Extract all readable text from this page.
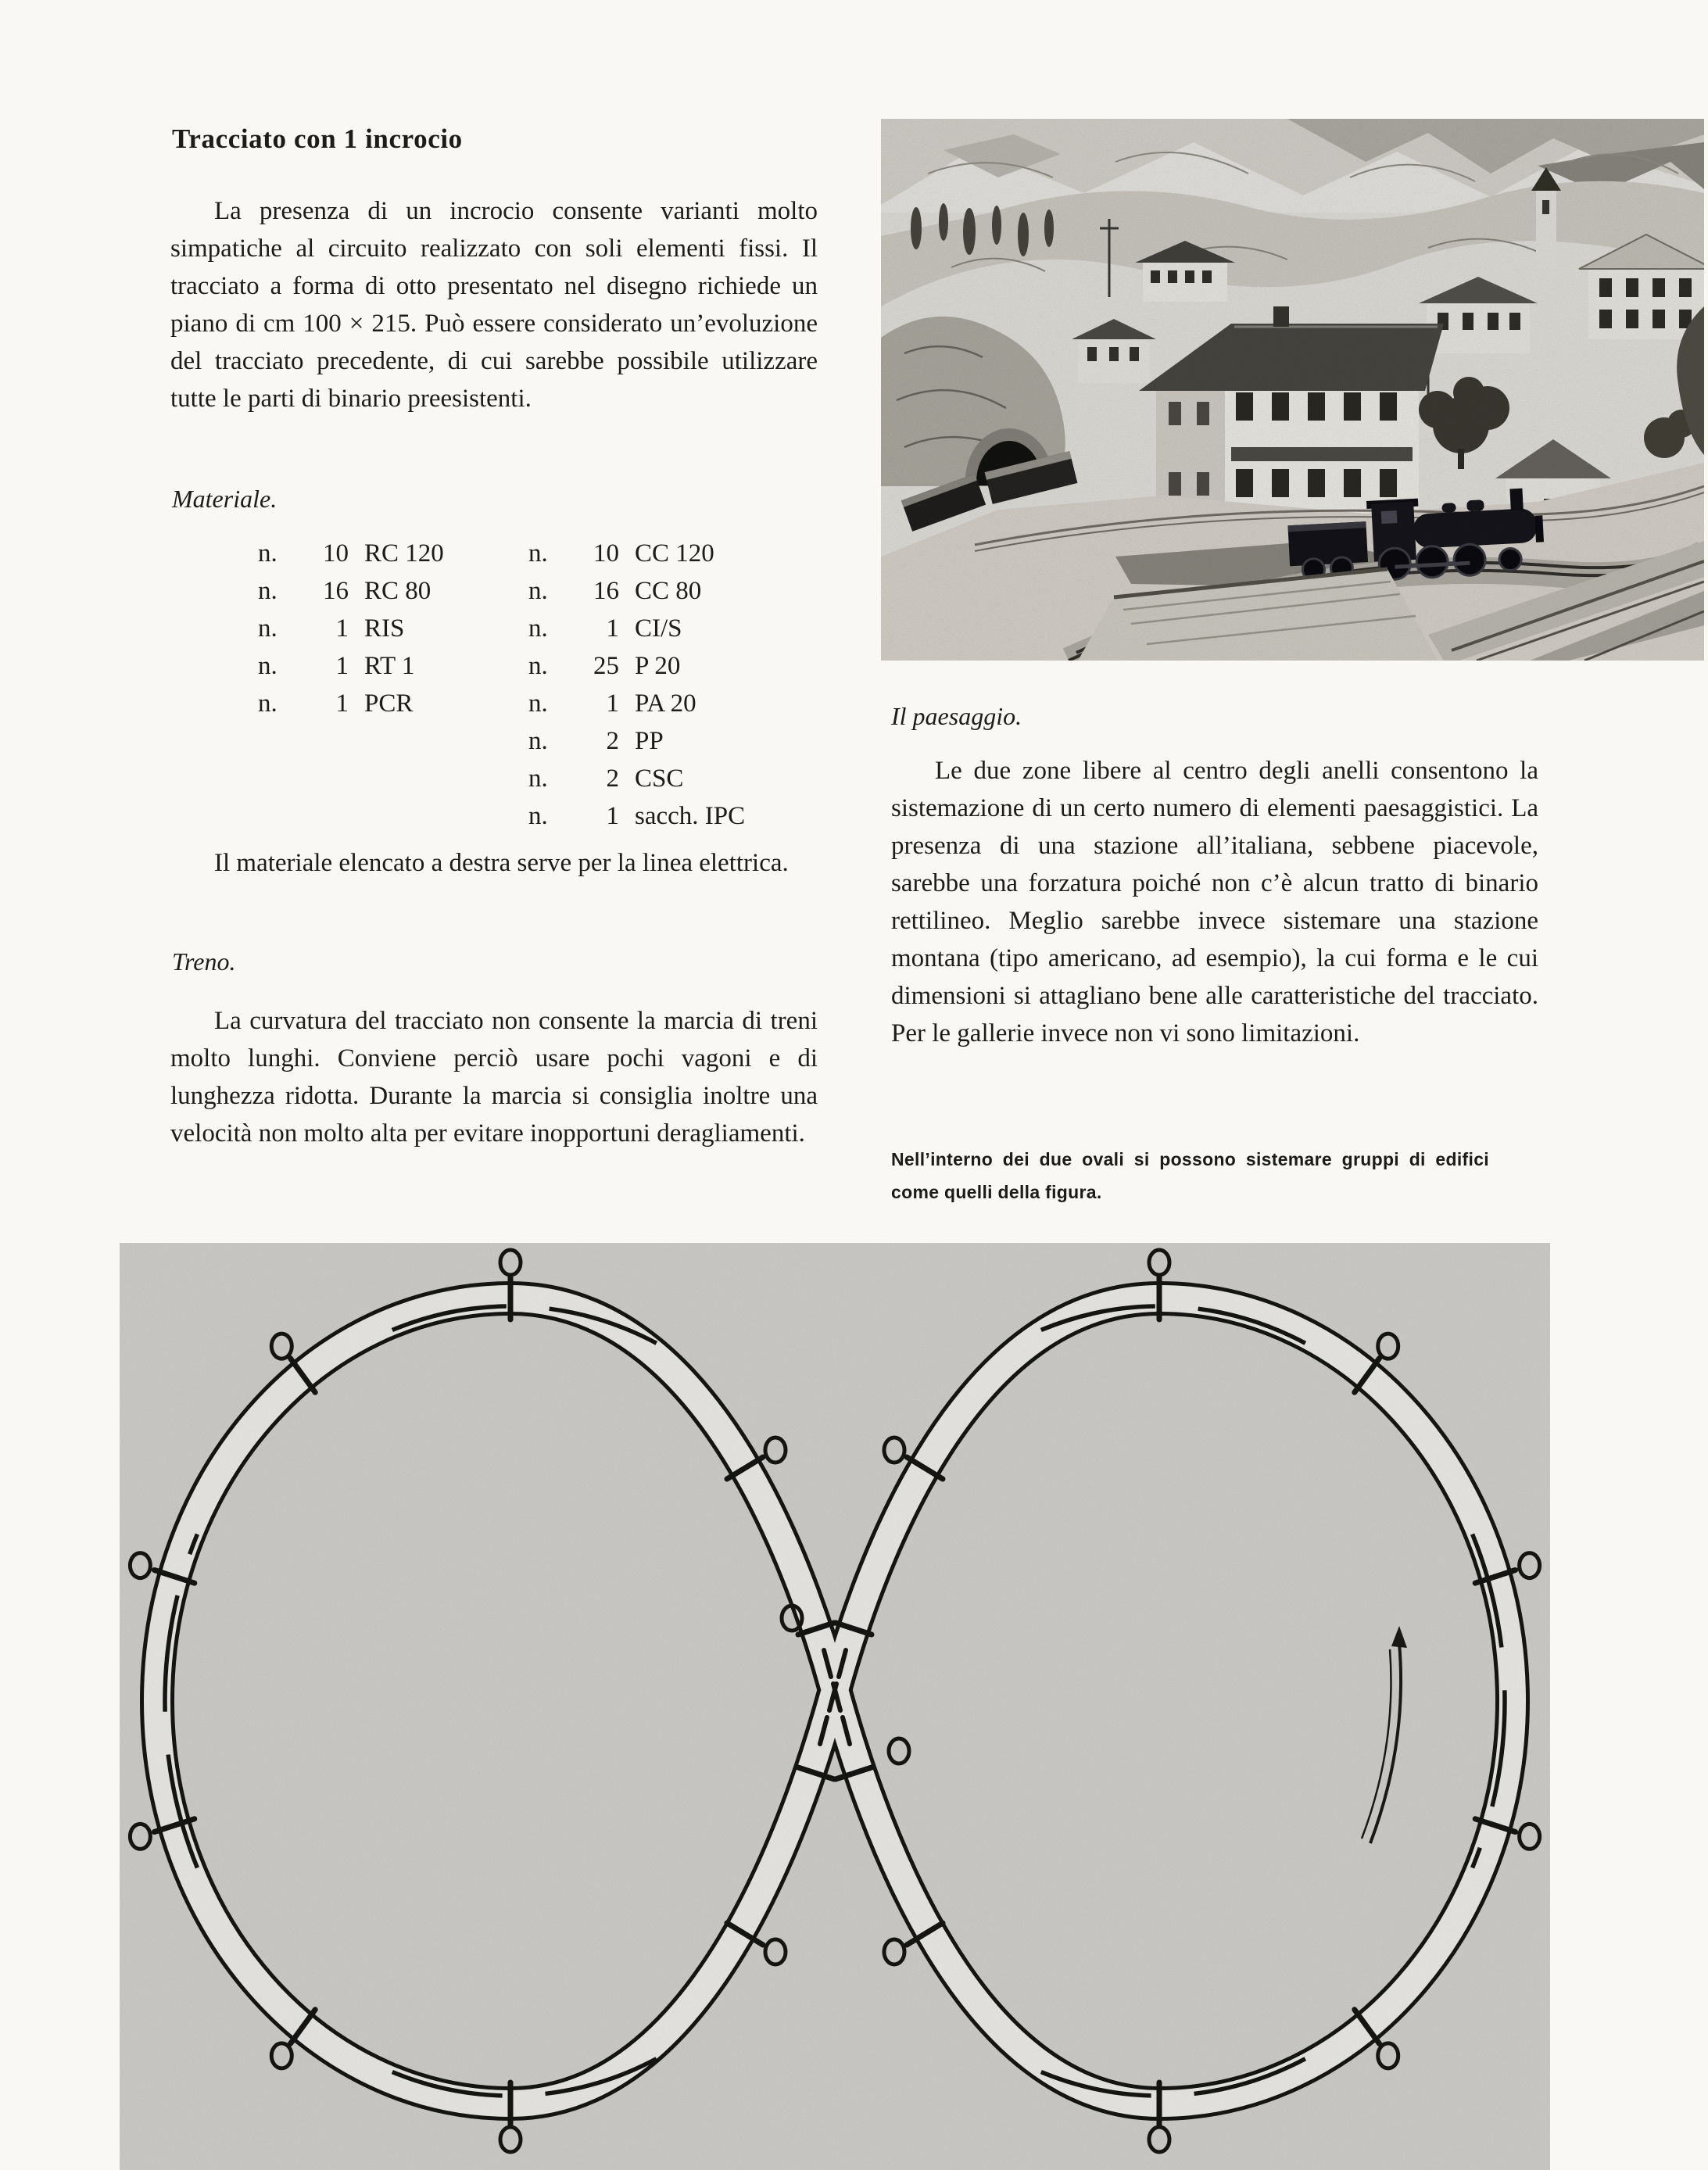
Tracciato con 1 incrocio
La presenza di un incrocio consente varianti molto simpatiche al circuito realizzato con soli elementi fissi. Il tracciato a forma di otto presentato nel disegno richiede un piano di cm 100 × 215. Può essere considerato un’evoluzione del tracciato precedente, di cui sarebbe possibile utilizzare tutte le parti di binario preesistenti.
Materiale.
n. 10 RC 120
n. 16 RC 80
n. 1 RIS
n. 1 RT 1
n. 1 PCR
n. 10 CC 120
n. 16 CC 80
n. 1 CI/S
n. 25 P 20
n. 1 PA 20
n. 2 PP
n. 2 CSC
n. 1 sacch. IPC
Il materiale elencato a destra serve per la linea elettrica.
Treno.
La curvatura del tracciato non consente la marcia di treni molto lunghi. Conviene perciò usare pochi vagoni e di lunghezza ridotta. Durante la marcia si consiglia inoltre una velocità non molto alta per evitare inopportuni deragliamenti.
Il paesaggio.
Le due zone libere al centro degli anelli consentono la sistemazione di un certo numero di elementi paesaggistici. La presenza di una stazione all’italiana, sebbene piacevole, sarebbe una forzatura poiché non c’è alcun tratto di binario rettilineo. Meglio sarebbe invece sistemare una stazione montana (tipo americano, ad esempio), la cui forma e le cui dimensioni si attagliano bene alle caratteristiche del tracciato. Per le gallerie invece non vi sono limitazioni.
Nell’interno dei due ovali si possono sistemare gruppi di edifici come quelli della figura.
